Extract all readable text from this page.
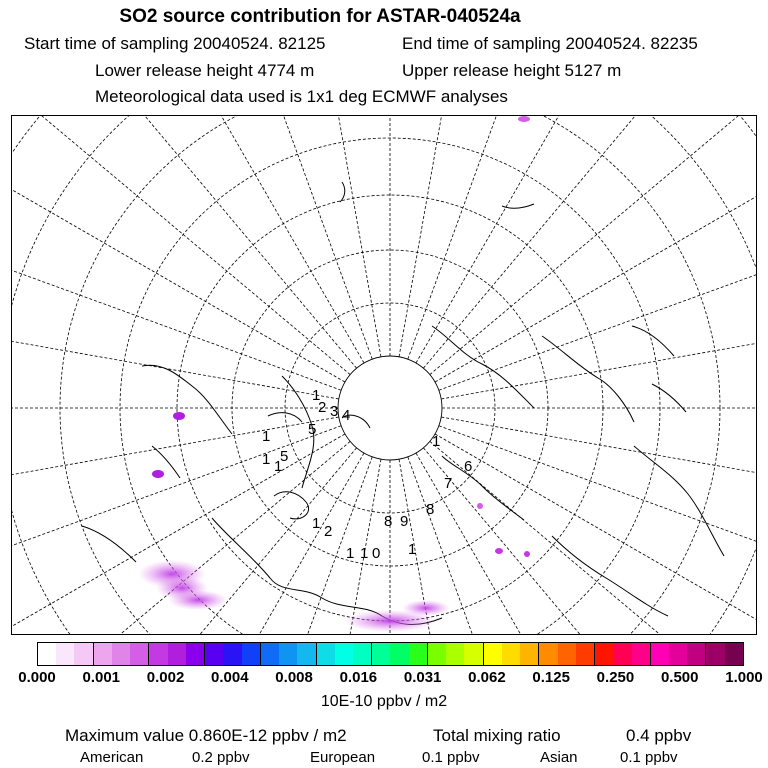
SO2 source contribution for ASTAR-040524a
Start time of sampling 20040524. 82125	End time of sampling 20040524. 82235
Lower release height 4774 m	Upper release height 5127 m
Meteorological data used is 1x1 deg ECMWF analyses
1
5
1
2 3 4
5
1 1
1
6
7
8
9
8
1 2
1
1 1 0
0.000 0.001 0.002 0.004 0.008 0.016 0.031 0.062 0.125 0.250 0.500 1.000
10E-10 ppbv / m2
Maximum value 0.860E-12 ppbv / m2	Total mixing ratio	0.4 ppbv
American	0.2 ppbv	European	0.1 ppbv	Asian	0.1 ppbv
